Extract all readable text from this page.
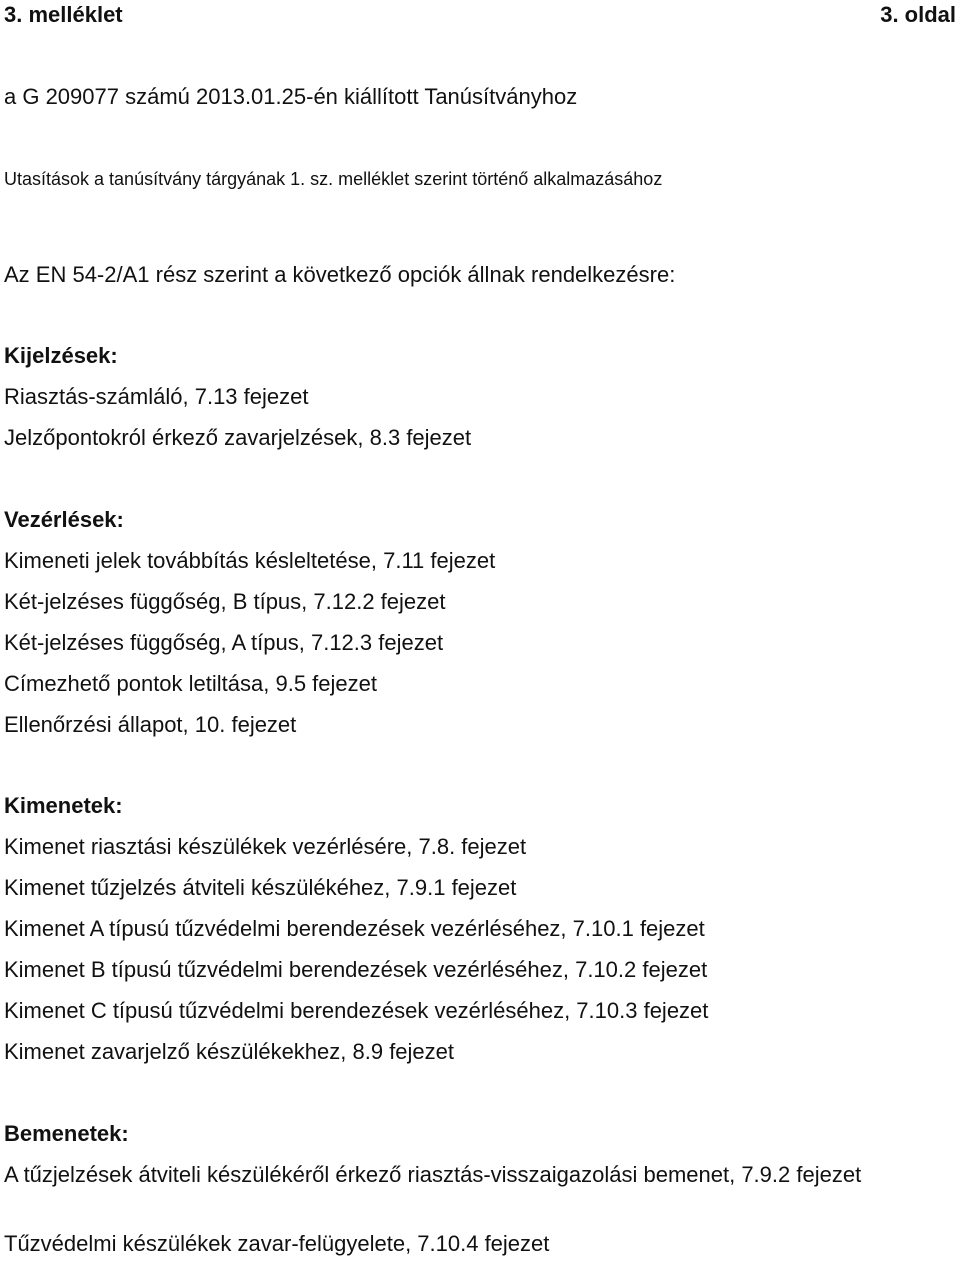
3. melléklet	3. oldal
a G 209077 számú 2013.01.25-én kiállított Tanúsítványhoz
Utasítások a tanúsítvány tárgyának 1. sz. melléklet szerint történő alkalmazásához
Az EN 54-2/A1 rész szerint a következő opciók állnak rendelkezésre:
Kijelzések:
Riasztás-számláló, 7.13 fejezet
Jelzőpontokról érkező zavarjelzések, 8.3 fejezet
Vezérlések:
Kimeneti jelek továbbítás késleltetése, 7.11 fejezet
Két-jelzéses függőség, B típus, 7.12.2 fejezet
Két-jelzéses függőség, A típus, 7.12.3 fejezet
Címezhető pontok letiltása, 9.5 fejezet
Ellenőrzési állapot, 10. fejezet
Kimenetek:
Kimenet riasztási készülékek vezérlésére, 7.8. fejezet
Kimenet tűzjelzés átviteli készülékéhez, 7.9.1 fejezet
Kimenet A típusú tűzvédelmi berendezések vezérléséhez, 7.10.1 fejezet
Kimenet B típusú tűzvédelmi berendezések vezérléséhez, 7.10.2 fejezet
Kimenet C típusú tűzvédelmi berendezések vezérléséhez, 7.10.3 fejezet
Kimenet zavarjelző készülékekhez, 8.9 fejezet
Bemenetek:
A tűzjelzések átviteli készülékéről érkező riasztás-visszaigazolási bemenet, 7.9.2 fejezet
Tűzvédelmi készülékek zavar-felügyelete, 7.10.4 fejezet
